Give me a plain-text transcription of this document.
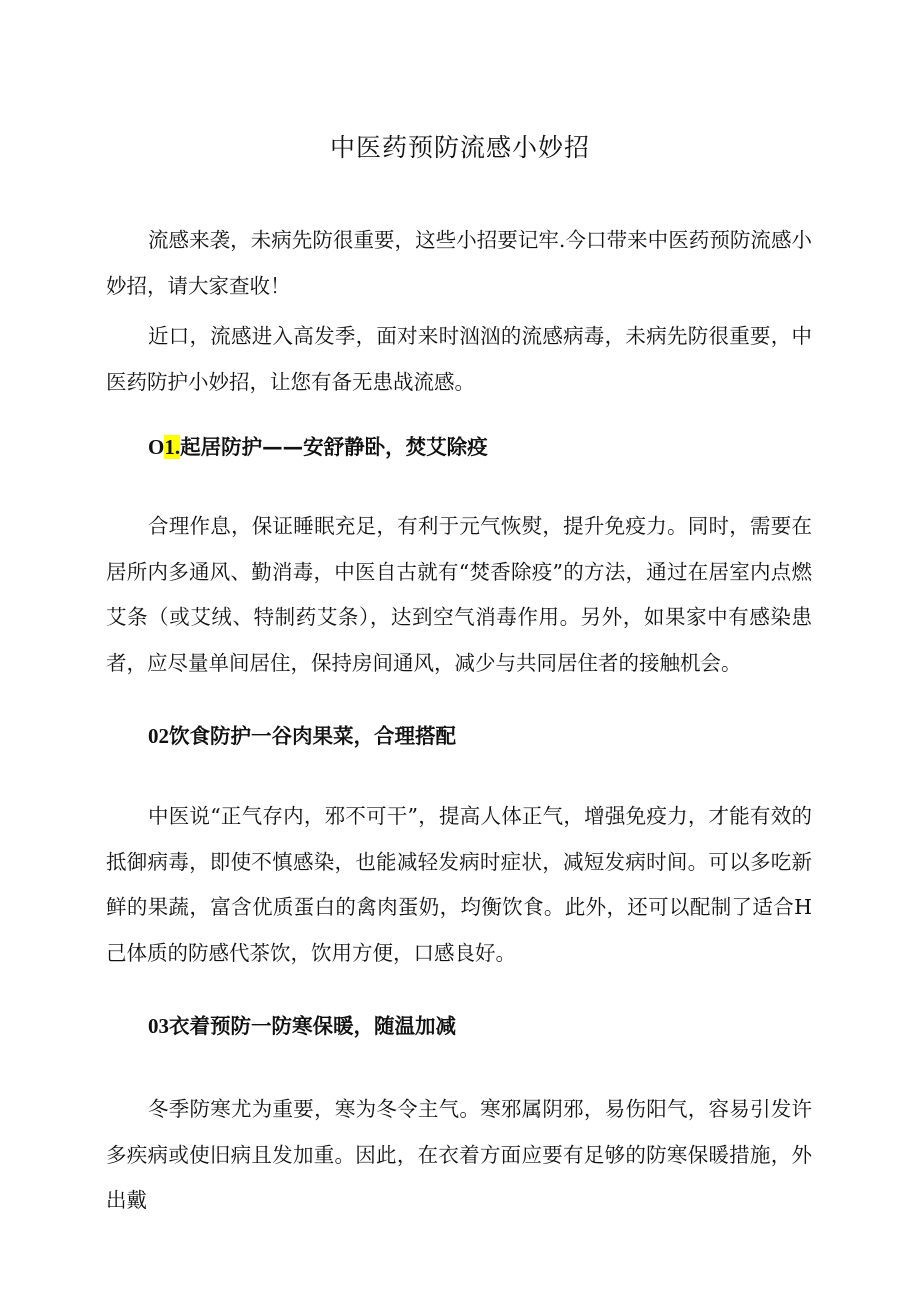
中医药预防流感小妙招

流感来袭，未病先防很重要，这些小招要记牢.今口带来中医药预防流感小妙招，请大家查收！

近口，流感进入高发季，面对来时汹汹的流感病毒，未病先防很重要，中医药防护小妙招，让您有备无患战流感。

O1.起居防护——安舒静卧，焚艾除疫

合理作息，保证睡眠充足，有利于元气恢熨，提升免疫力。同时，需要在居所内多通风、勤消毒，中医自古就有“焚香除疫”的方法，通过在居室内点燃艾条（或艾绒、特制药艾条），达到空气消毒作用。另外，如果家中有感染患者，应尽量单间居住，保持房间通风，减少与共同居住者的接触机会。

02饮食防护一谷肉果菜，合理搭配

中医说“正气存内，邪不可干”，提高人体正气，增强免疫力，才能有效的抵御病毒，即使不慎感染，也能减轻发病时症状，减短发病时间。可以多吃新鲜的果蔬，富含优质蛋白的禽肉蛋奶，均衡饮食。此外，还可以配制了适合H己体质的防感代茶饮，饮用方便，口感良好。

03衣着预防一防寒保暖，随温加减

冬季防寒尤为重要，寒为冬令主气。寒邪属阴邪，易伤阳气，容易引发许多疾病或使旧病且发加重。因此，在衣着方面应要有足够的防寒保暖措施，外出戴
